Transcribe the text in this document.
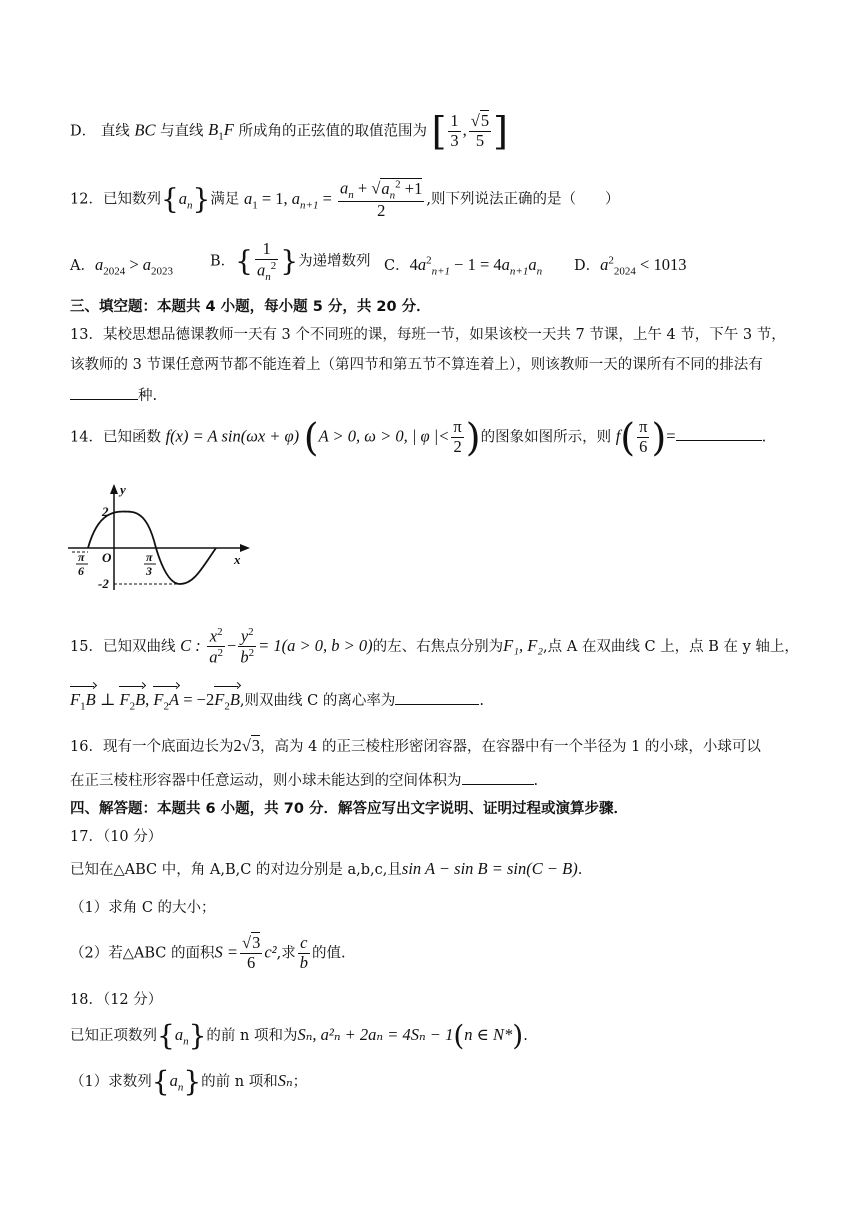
D． 直线 BC 与直线 $B_1F$ 所成角的正弦值的取值范围为 [ $\frac{1}{3}$ , $\frac{√5}{5}$ ]
12．已知数列$\{a_n\}$满足 $a_1 = 1$, $a_{n+1} = \frac{a_n + √a_n^2 +1}{2}$ ,则下列说法正确的是（　　）
A．$a_{2024} > a_{2023}$
B．{ $\frac{1}{a_n^2}$ }为递增数列 C．$4a^2_{n+1} - 1 = 4a_{n+1}a_n$ D．$a^2_{2024} < 1013$
三、填空题：本题共 4 小题，每小题 5 分，共 20 分．
13．某校思想品德课教师一天有 3 个不同班的课，每班一节，如果该校一天共 7 节课，上午 4 节，下午 3 节，
该教师的 3 节课任意两节都不能连着上（第四节和第五节不算连着上），则该教师一天的课所有不同的排法有
种.
14．已知函数 f(x) = A sin(ωx + φ) (A > 0, ω > 0, | φ |< $\frac{\pi}{2}$ )的图象如图所示，则 $f( \frac{\pi}{6}$ )=	.
y
x
O
2
-2
π
6
π
3
15．已知双曲线 C : $\frac{x^2}{a^2} - \frac{y^2}{b^2} = 1(a > 0$, b > 0)的左、右焦点分别为F₁, F₂,点 A 在双曲线 C 上，点 B 在 y 轴上，
$F_1B$ ⊥ $F_2B$, $F_2A = -2F_2B$,则双曲线 C 的离心率为	.
16．现有一个底面边长为2√3，高为 4 的正三棱柱形密闭容器，在容器中有一个半径为 1 的小球，小球可以
在正三棱柱形容器中任意运动，则小球未能达到的空间体积为	.
四、解答题：本题共 6 小题，共 70 分．解答应写出文字说明、证明过程或演算步骤．
17．（10 分）
已知在△ABC 中，角 A,B,C 的对边分别是 a,b,c,且sin A − sin B = sin(C − B).
（1）求角 C 的大小；
（2）若△ABC 的面积$S = \frac{√3}{6} c^2$,求 $\frac{c}{b}$ 的值.
18．（12 分）
已知正项数列$\{a_n\}$的前 n 项和为Sₙ, a²ₙ + 2aₙ = 4Sₙ − 1(n ∈ N*).
（1）求数列$\{a_n\}$的前 n 项和Sₙ；
